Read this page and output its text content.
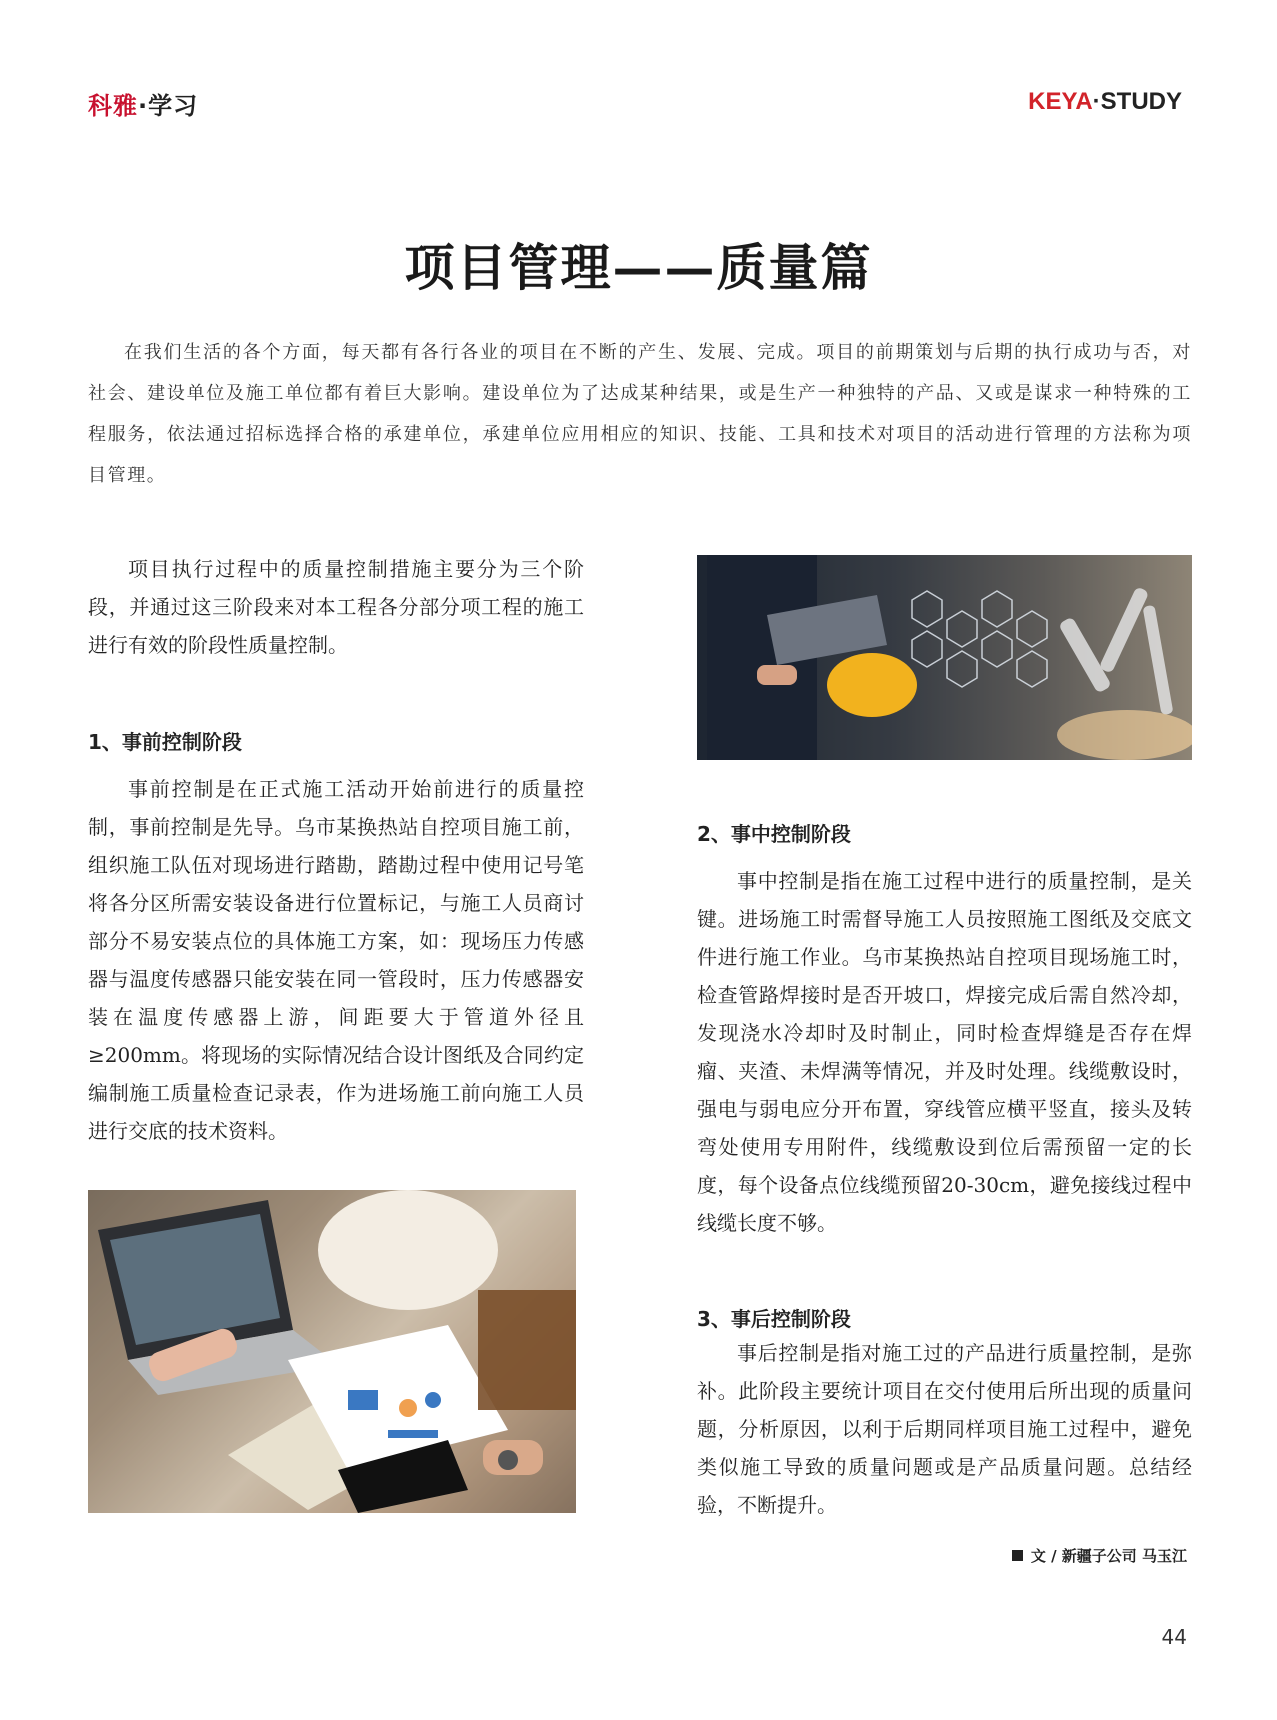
科雅·学习	KEYA·STUDY
项目管理——质量篇

在我们生活的各个方面，每天都有各行各业的项目在不断的产生、发展、完成。项目的前期策划与后期的执行成功与否，对社会、建设单位及施工单位都有着巨大影响。建设单位为了达成某种结果，或是生产一种独特的产品、又或是谋求一种特殊的工程服务，依法通过招标选择合格的承建单位，承建单位应用相应的知识、技能、工具和技术对项目的活动进行管理的方法称为项目管理。

项目执行过程中的质量控制措施主要分为三个阶段，并通过这三阶段来对本工程各分部分项工程的施工进行有效的阶段性质量控制。

1、事前控制阶段

事前控制是在正式施工活动开始前进行的质量控制，事前控制是先导。乌市某换热站自控项目施工前，组织施工队伍对现场进行踏勘，踏勘过程中使用记号笔将各分区所需安装设备进行位置标记，与施工人员商讨部分不易安装点位的具体施工方案，如：现场压力传感器与温度传感器只能安装在同一管段时，压力传感器安装在温度传感器上游，间距要大于管道外径且≥200mm。将现场的实际情况结合设计图纸及合同约定编制施工质量检查记录表，作为进场施工前向施工人员进行交底的技术资料。

2、事中控制阶段

事中控制是指在施工过程中进行的质量控制，是关键。进场施工时需督导施工人员按照施工图纸及交底文件进行施工作业。乌市某换热站自控项目现场施工时，检查管路焊接时是否开坡口，焊接完成后需自然冷却，发现浇水冷却时及时制止，同时检查焊缝是否存在焊瘤、夹渣、未焊满等情况，并及时处理。线缆敷设时，强电与弱电应分开布置，穿线管应横平竖直，接头及转弯处使用专用附件，线缆敷设到位后需预留一定的长度，每个设备点位线缆预留20-30cm，避免接线过程中线缆长度不够。

3、事后控制阶段

事后控制是指对施工过的产品进行质量控制，是弥补。此阶段主要统计项目在交付使用后所出现的质量问题，分析原因，以利于后期同样项目施工过程中，避免类似施工导致的质量问题或是产品质量问题。总结经验，不断提升。

文 / 新疆子公司 马玉江
44
